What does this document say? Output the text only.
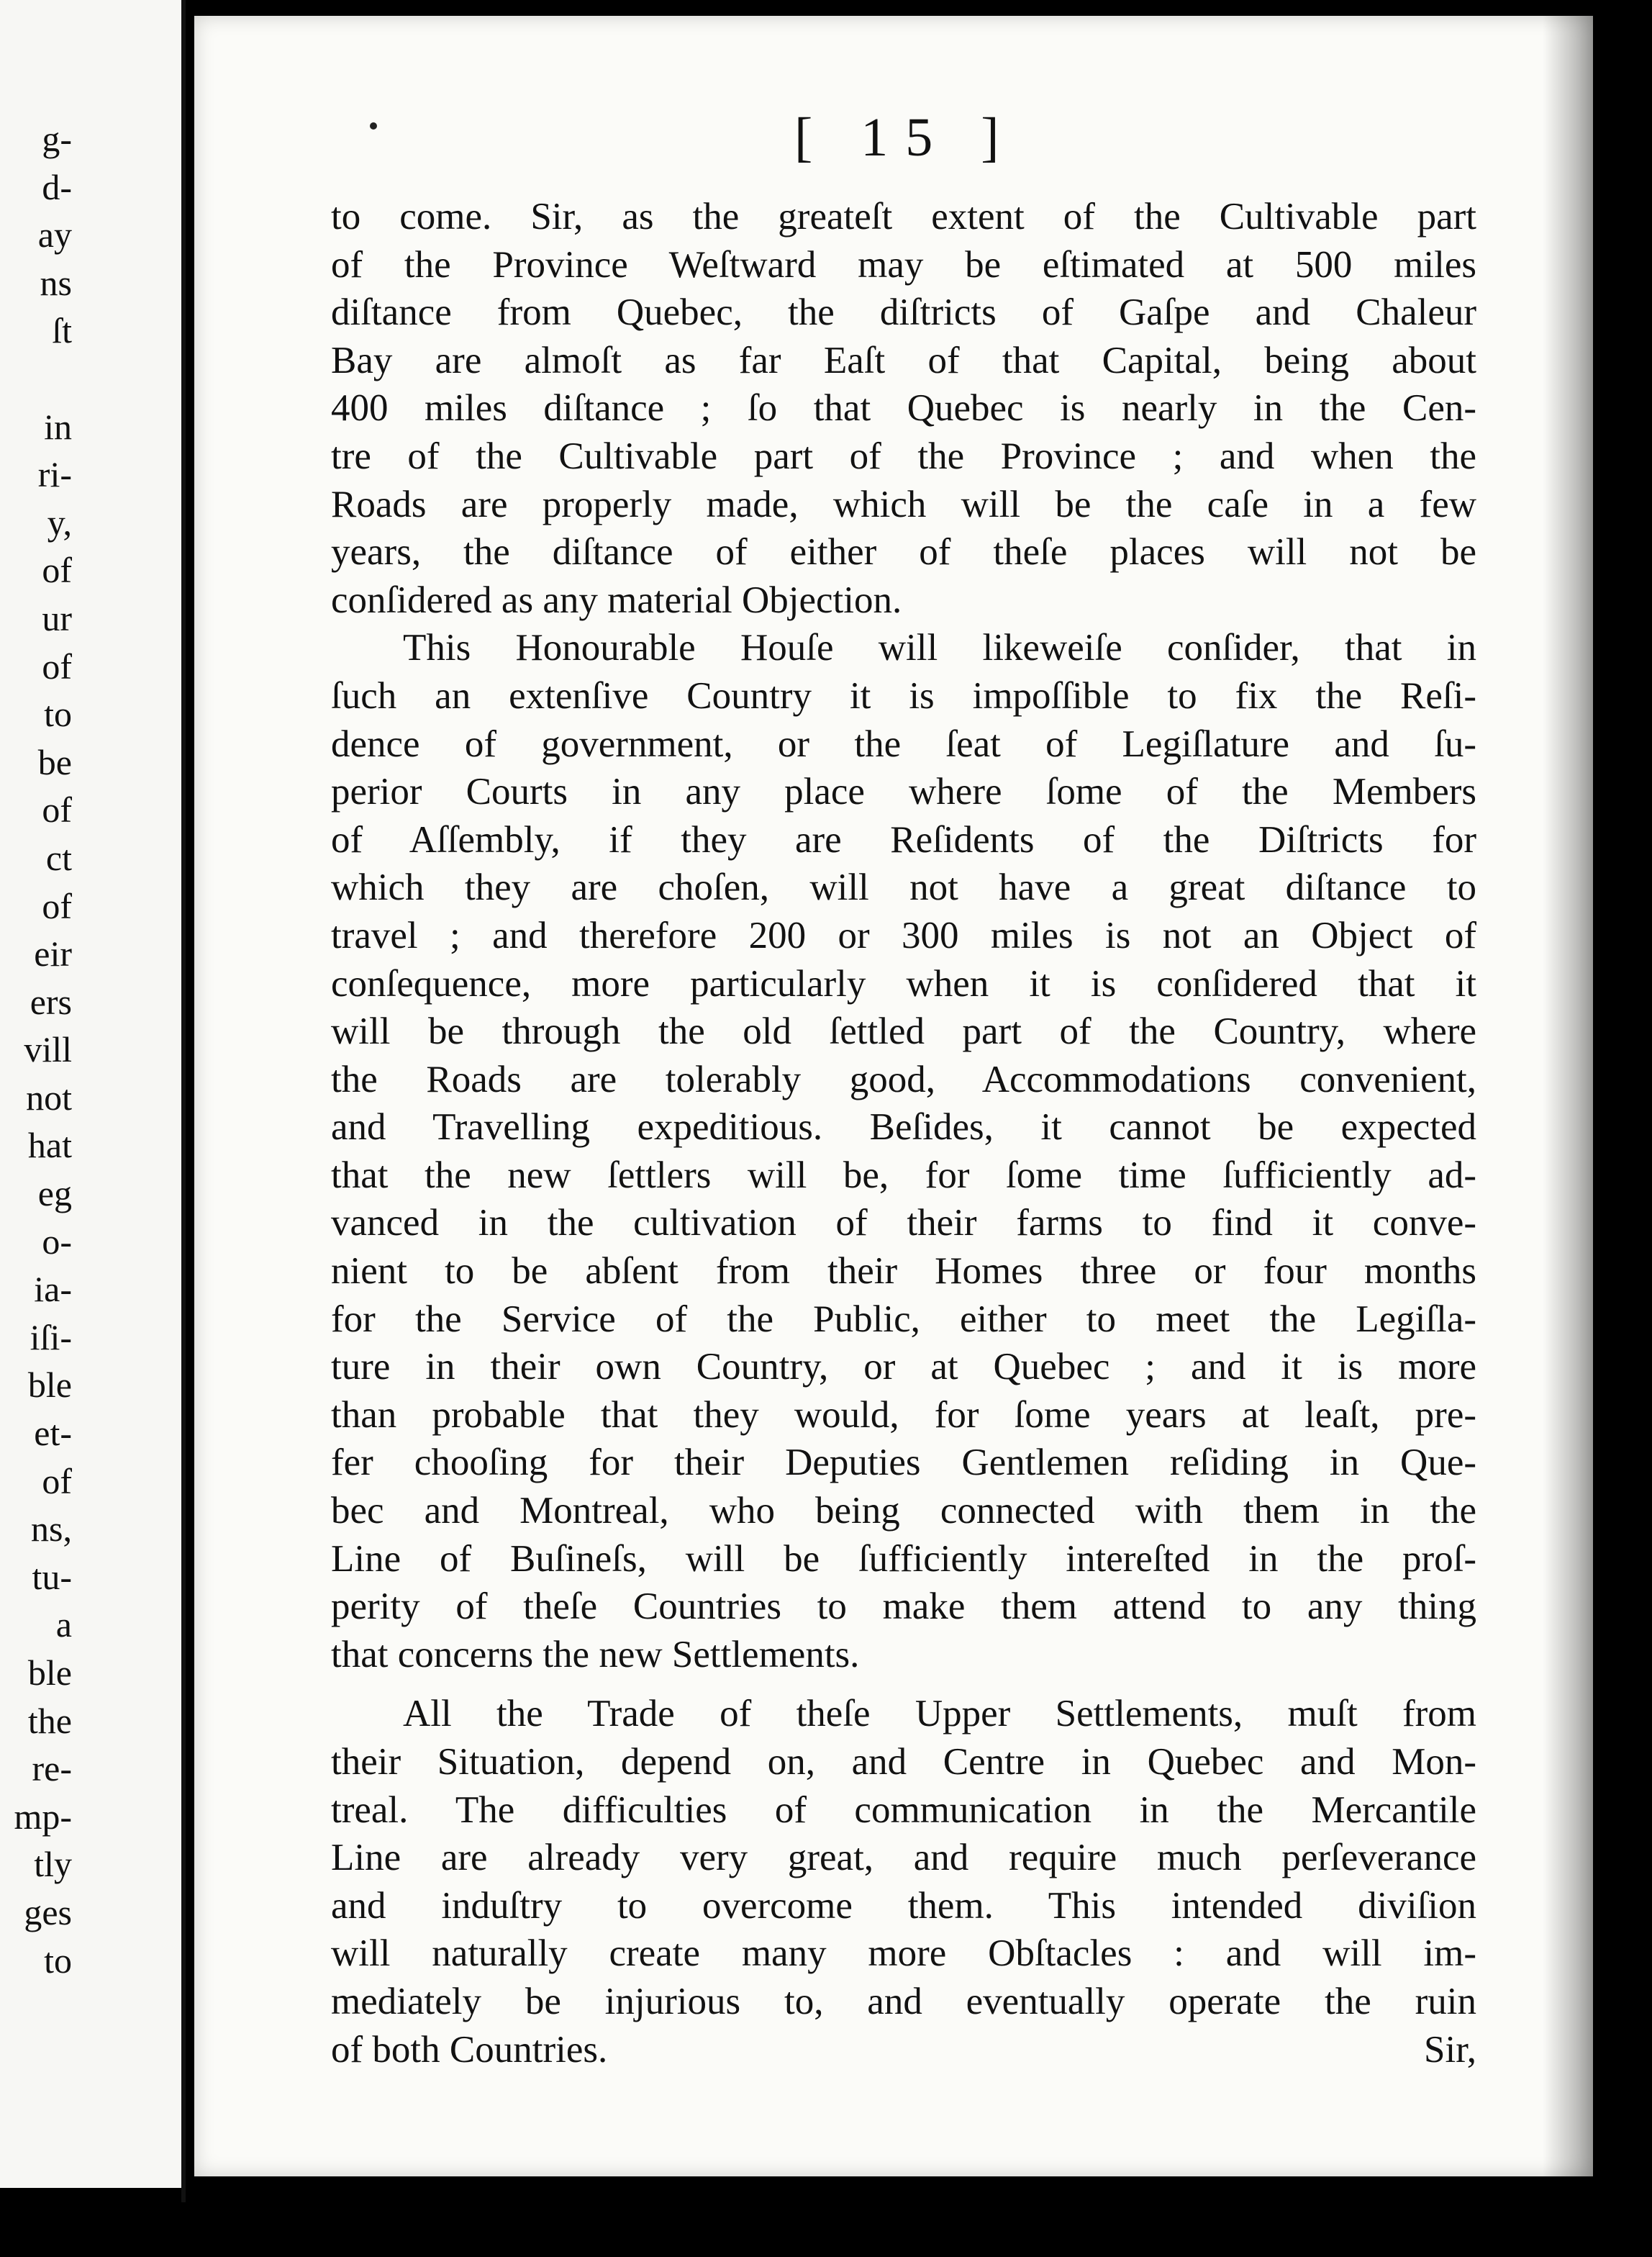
g-
d-
ay
ns
ſt
in
ri-
y,
of
ur
of
to
be
of
ct
of
eir
ers
vill
not
hat
eg
o-
ia-
iſi-
ble
et-
of
ns,
tu-
a
ble
the
re-
mp-
tly
ges
to
[ 15 ]
to come. Sir, as the greateſt extent of the Cultivable part
of the Province Weſtward may be eſtimated at 500 miles
diſtance from Quebec, the diſtricts of Gaſpe and Chaleur
Bay are almoſt as far Eaſt of that Capital, being about
400 miles diſtance ; ſo that Quebec is nearly in the Cen-
tre of the Cultivable part of the Province ; and when the
Roads are properly made, which will be the caſe in a few
years, the diſtance of either of theſe places will not be
conſidered as any material Objection.
This Honourable Houſe will likeweiſe conſider, that in
ſuch an extenſive Country it is impoſſible to fix the Reſi-
dence of government, or the ſeat of Legiſlature and ſu-
perior Courts in any place where ſome of the Members
of Aſſembly, if they are Reſidents of the Diſtricts for
which they are choſen, will not have a great diſtance to
travel ; and therefore 200 or 300 miles is not an Object of
conſequence, more particularly when it is conſidered that it
will be through the old ſettled part of the Country, where
the Roads are tolerably good, Accommodations convenient,
and Travelling expeditious. Beſides, it cannot be expected
that the new ſettlers will be, for ſome time ſufficiently ad-
vanced in the cultivation of their farms to find it conve-
nient to be abſent from their Homes three or four months
for the Service of the Public, either to meet the Legiſla-
ture in their own Country, or at Quebec ; and it is more
than probable that they would, for ſome years at leaſt, pre-
fer chooſing for their Deputies Gentlemen reſiding in Que-
bec and Montreal, who being connected with them in the
Line of Buſineſs, will be ſufficiently intereſted in the proſ-
perity of theſe Countries to make them attend to any thing
that concerns the new Settlements.
All the Trade of theſe Upper Settlements, muſt from
their Situation, depend on, and Centre in Quebec and Mon-
treal. The difficulties of communication in the Mercantile
Line are already very great, and require much perſeverance
and induſtry to overcome them. This intended diviſion
will naturally create many more Obſtacles : and will im-
mediately be injurious to, and eventually operate the ruin
of both Countries.	Sir,
